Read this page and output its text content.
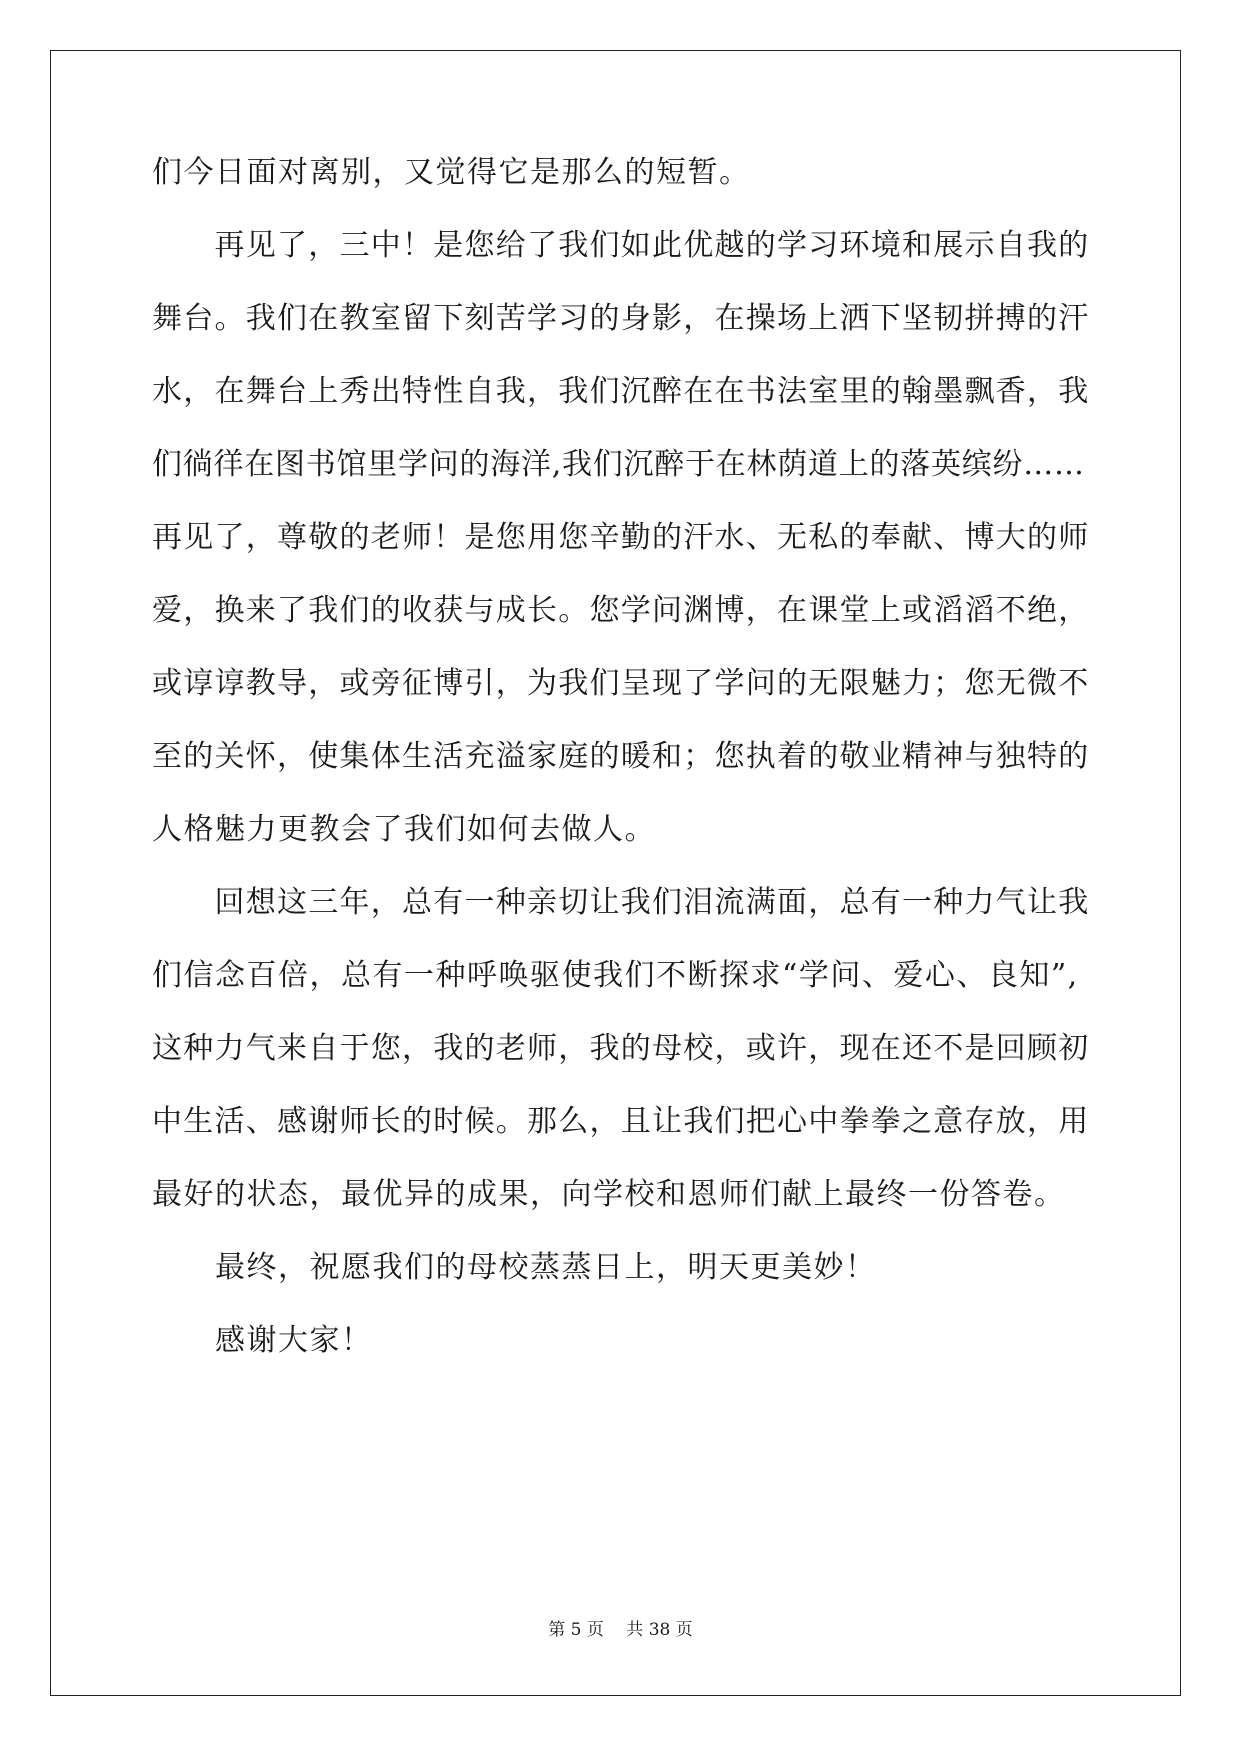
们今日面对离别，又觉得它是那么的短暂。
　　再见了，三中！是您给了我们如此优越的学习环境和展示自我的
舞台。我们在教室留下刻苦学习的身影，在操场上洒下坚韧拼搏的汗
水，在舞台上秀出特性自我，我们沉醉在在书法室里的翰墨飘香，我
们徜徉在图书馆里学问的海洋,我们沉醉于在林荫道上的落英缤纷……
再见了，尊敬的老师！是您用您辛勤的汗水、无私的奉献、博大的师
爱，换来了我们的收获与成长。您学问渊博，在课堂上或滔滔不绝，
或谆谆教导，或旁征博引，为我们呈现了学问的无限魅力；您无微不
至的关怀，使集体生活充溢家庭的暖和；您执着的敬业精神与独特的
人格魅力更教会了我们如何去做人。
　　回想这三年，总有一种亲切让我们泪流满面，总有一种力气让我
们信念百倍，总有一种呼唤驱使我们不断探求“学问、爱心、良知”,
这种力气来自于您，我的老师，我的母校，或许，现在还不是回顾初
中生活、感谢师长的时候。那么，且让我们把心中拳拳之意存放，用
最好的状态，最优异的成果，向学校和恩师们献上最终一份答卷。
　　最终，祝愿我们的母校蒸蒸日上，明天更美妙！
　　感谢大家！
第 5 页　 共 38 页
